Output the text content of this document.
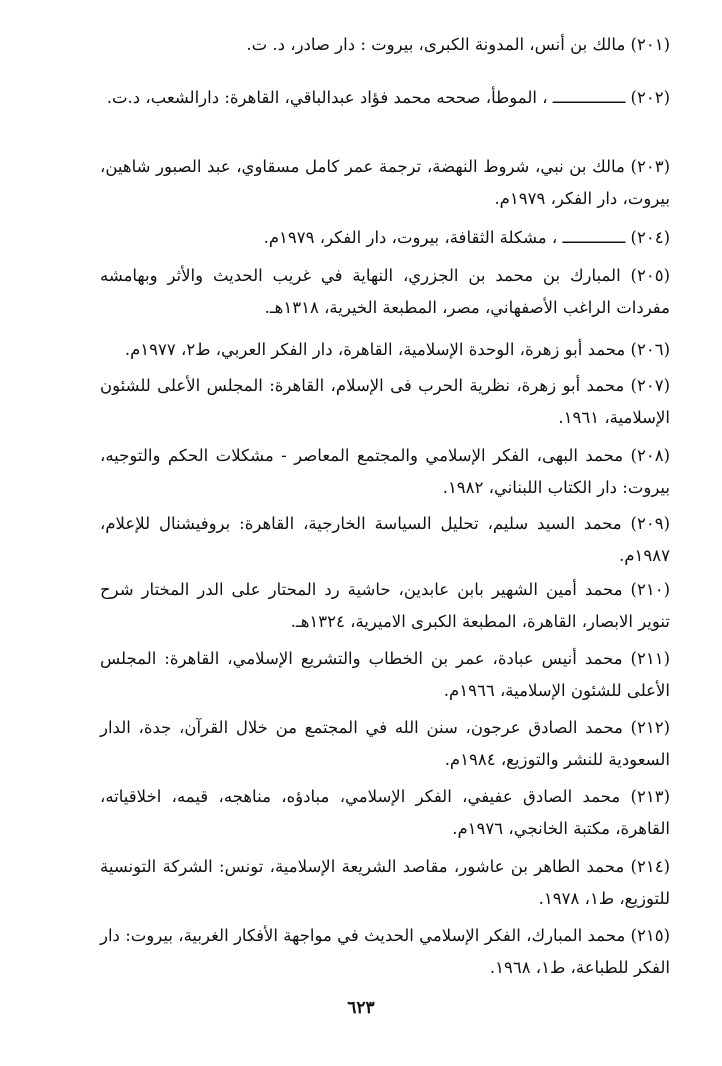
(٢٠١) مالك بن أنس، المدونة الكبرى، بيروت : دار صادر، د. ت.

(٢٠٢) ـــــــــــــــ ، الموطأ، صححه محمد فؤاد عبدالباقي، القاهرة: دارالشعب، د.ت.

(٢٠٣) مالك بن نبي، شروط النهضة، ترجمة عمر كامل مسقاوي، عبد الصبور شاهين، بيروت، دار الفكر، ١٩٧٩م.

(٢٠٤) ـــــــــــــ ، مشكلة الثقافة، بيروت، دار الفكر، ١٩٧٩م.

(٢٠٥) المبارك بن محمد بن الجزري، النهاية في غريب الحديث والأثر وبهامشه مفردات الراغب الأصفهاني، مصر، المطبعة الخيرية، ١٣١٨هـ.

(٢٠٦) محمد أبو زهرة، الوحدة الإسلامية، القاهرة، دار الفكر العربي، ط٢، ١٩٧٧م.

(٢٠٧) محمد أبو زهرة، نظرية الحرب فى الإسلام، القاهرة: المجلس الأعلى للشئون الإسلامية، ١٩٦١.

(٢٠٨) محمد البهى، الفكر الإسلامي والمجتمع المعاصر - مشكلات الحكم والتوجيه، بيروت: دار الكتاب اللبناني، ١٩٨٢.

(٢٠٩) محمد السيد سليم، تحليل السياسة الخارجية، القاهرة: بروفيشنال للإعلام، ١٩٨٧م.

(٢١٠) محمد أمين الشهير بابن عابدين، حاشية رد المحتار على الدر المختار شرح تنوير الابصار، القاهرة، المطبعة الكبرى الاميرية، ١٣٢٤هـ.

(٢١١) محمد أنيس عبادة، عمر بن الخطاب والتشريع الإسلامي، القاهرة: المجلس الأعلى للشئون الإسلامية، ١٩٦٦م.

(٢١٢) محمد الصادق عرجون، سنن الله في المجتمع من خلال القرآن، جدة، الدار السعودية للنشر والتوزيع، ١٩٨٤م.

(٢١٣) محمد الصادق عفيفي، الفكر الإسلامي، مبادؤه، مناهجه، قيمه، اخلاقياته، القاهرة، مكتبة الخانجي، ١٩٧٦م.

(٢١٤) محمد الطاهر بن عاشور، مقاصد الشريعة الإسلامية، تونس: الشركة التونسية للتوزيع، ط١، ١٩٧٨.

(٢١٥) محمد المبارك، الفكر الإسلامي الحديث في مواجهة الأفكار الغربية، بيروت: دار الفكر للطباعة، ط١، ١٩٦٨.

٦٢٣
